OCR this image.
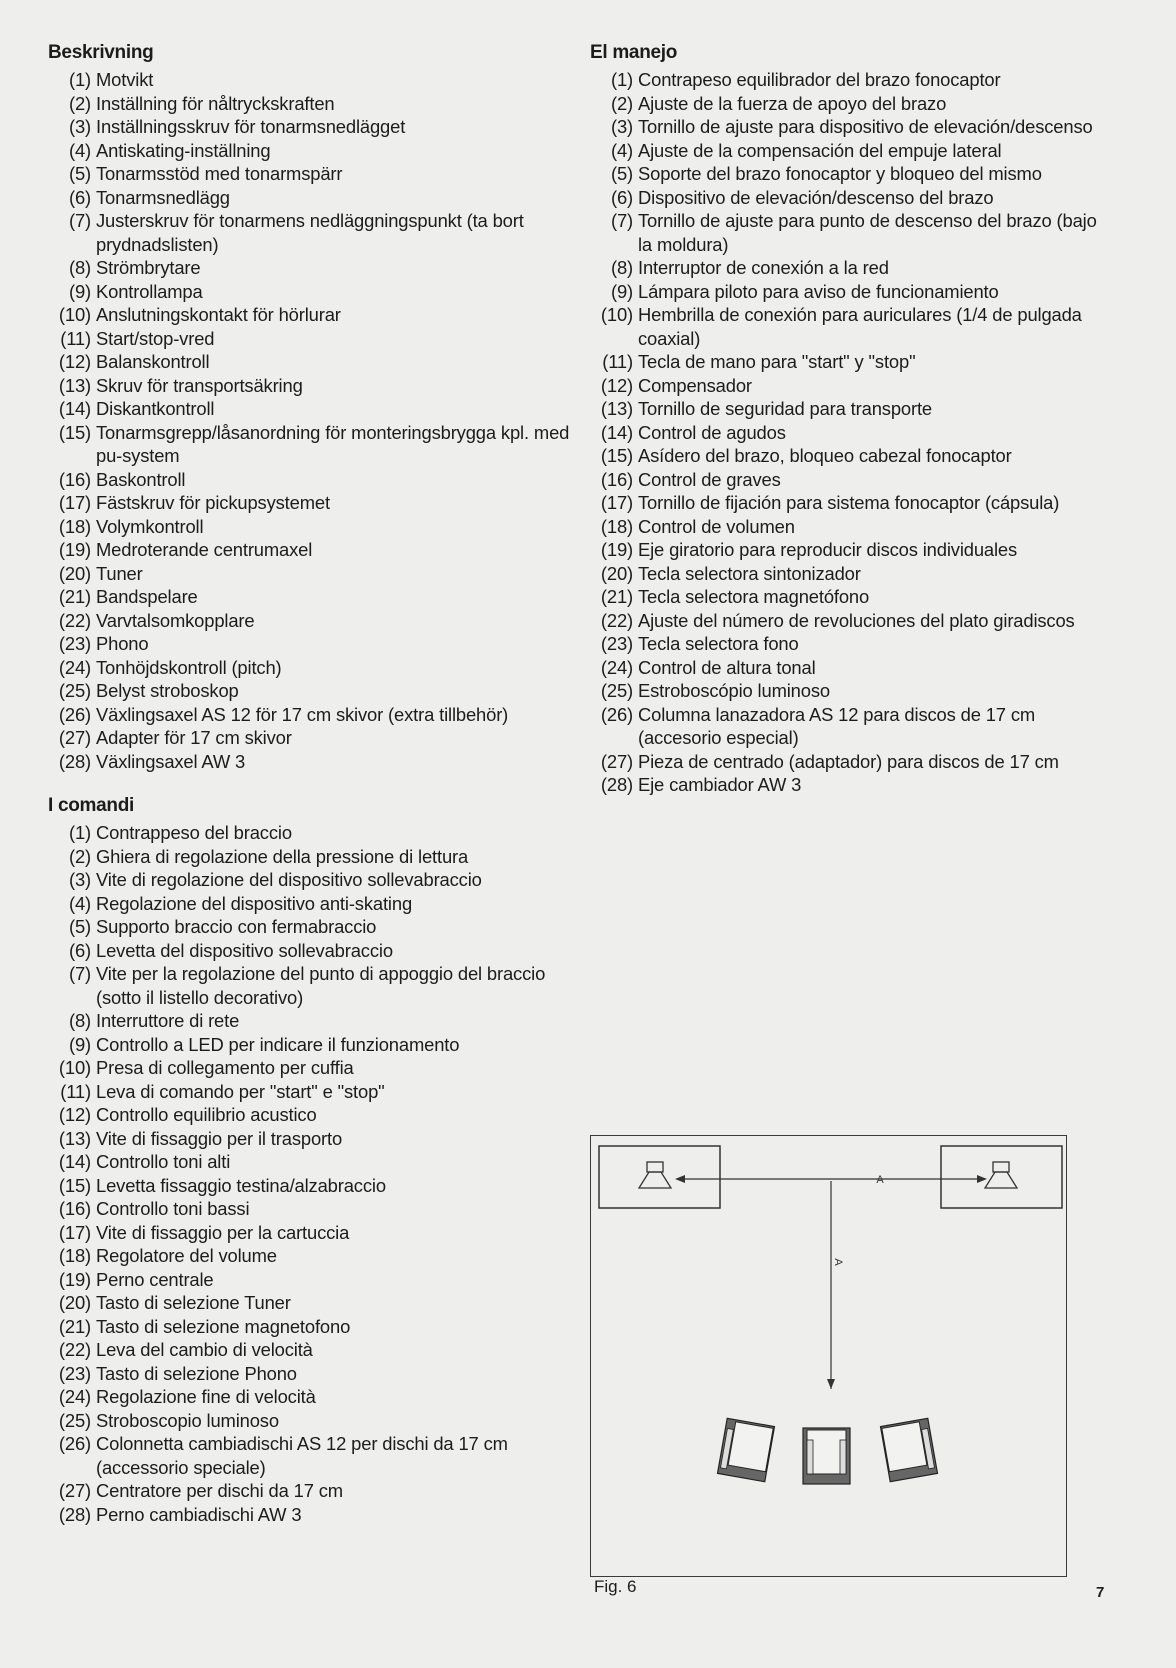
Beskrivning
(1) Motvikt
(2) Inställning för nåltryckskraften
(3) Inställningsskruv för tonarmsnedlägget
(4) Antiskating-inställning
(5) Tonarmsstöd med tonarmspärr
(6) Tonarmsnedlägg
(7) Justerskruv för tonarmens nedläggningspunkt (ta bort prydnadslisten)
(8) Strömbrytare
(9) Kontrollampa
(10) Anslutningskontakt för hörlurar
(11) Start/stop-vred
(12) Balanskontroll
(13) Skruv för transportsäkring
(14) Diskantkontroll
(15) Tonarmsgrepp/låsanordning för monteringsbrygga kpl. med pu-system
(16) Baskontroll
(17) Fästskruv för pickupsystemet
(18) Volymkontroll
(19) Medroterande centrumaxel
(20) Tuner
(21) Bandspelare
(22) Varvtalsomkopplare
(23) Phono
(24) Tonhöjdskontroll (pitch)
(25) Belyst stroboskop
(26) Växlingsaxel AS 12 för 17 cm skivor (extra tillbehör)
(27) Adapter för 17 cm skivor
(28) Växlingsaxel AW 3
I comandi
(1) Contrappeso del braccio
(2) Ghiera di regolazione della pressione di lettura
(3) Vite di regolazione del dispositivo sollevabraccio
(4) Regolazione del dispositivo anti-skating
(5) Supporto braccio con fermabraccio
(6) Levetta del dispositivo sollevabraccio
(7) Vite per la regolazione del punto di appoggio del braccio (sotto il listello decorativo)
(8) Interruttore di rete
(9) Controllo a LED per indicare il funzionamento
(10) Presa di collegamento per cuffia
(11) Leva di comando per "start" e "stop"
(12) Controllo equilibrio acustico
(13) Vite di fissaggio per il trasporto
(14) Controllo toni alti
(15) Levetta fissaggio testina/alzabraccio
(16) Controllo toni bassi
(17) Vite di fissaggio per la cartuccia
(18) Regolatore del volume
(19) Perno centrale
(20) Tasto di selezione Tuner
(21) Tasto di selezione magnetofono
(22) Leva del cambio di velocità
(23) Tasto di selezione Phono
(24) Regolazione fine di velocità
(25) Stroboscopio luminoso
(26) Colonnetta cambiadischi AS 12 per dischi da 17 cm (accessorio speciale)
(27) Centratore per dischi da 17 cm
(28) Perno cambiadischi AW 3
El manejo
(1) Contrapeso equilibrador del brazo fonocaptor
(2) Ajuste de la fuerza de apoyo del brazo
(3) Tornillo de ajuste para dispositivo de elevación/descenso
(4) Ajuste de la compensación del empuje lateral
(5) Soporte del brazo fonocaptor y bloqueo del mismo
(6) Dispositivo de elevación/descenso del brazo
(7) Tornillo de ajuste para punto de descenso del brazo (bajo la moldura)
(8) Interruptor de conexión a la red
(9) Lámpara piloto para aviso de funcionamiento
(10) Hembrilla de conexión para auriculares (1/4 de pulgada coaxial)
(11) Tecla de mano para "start" y "stop"
(12) Compensador
(13) Tornillo de seguridad para transporte
(14) Control de agudos
(15) Asídero del brazo, bloqueo cabezal fonocaptor
(16) Control de graves
(17) Tornillo de fijación para sistema fonocaptor (cápsula)
(18) Control de volumen
(19) Eje giratorio para reproducir discos individuales
(20) Tecla selectora sintonizador
(21) Tecla selectora magnetófono
(22) Ajuste del número de revoluciones del plato giradiscos
(23) Tecla selectora fono
(24) Control de altura tonal
(25) Estroboscópio luminoso
(26) Columna lanazadora AS 12 para discos de 17 cm (accesorio especial)
(27) Pieza de centrado (adaptador) para discos de 17 cm
(28) Eje cambiador AW 3
A
A
Fig. 6	7
